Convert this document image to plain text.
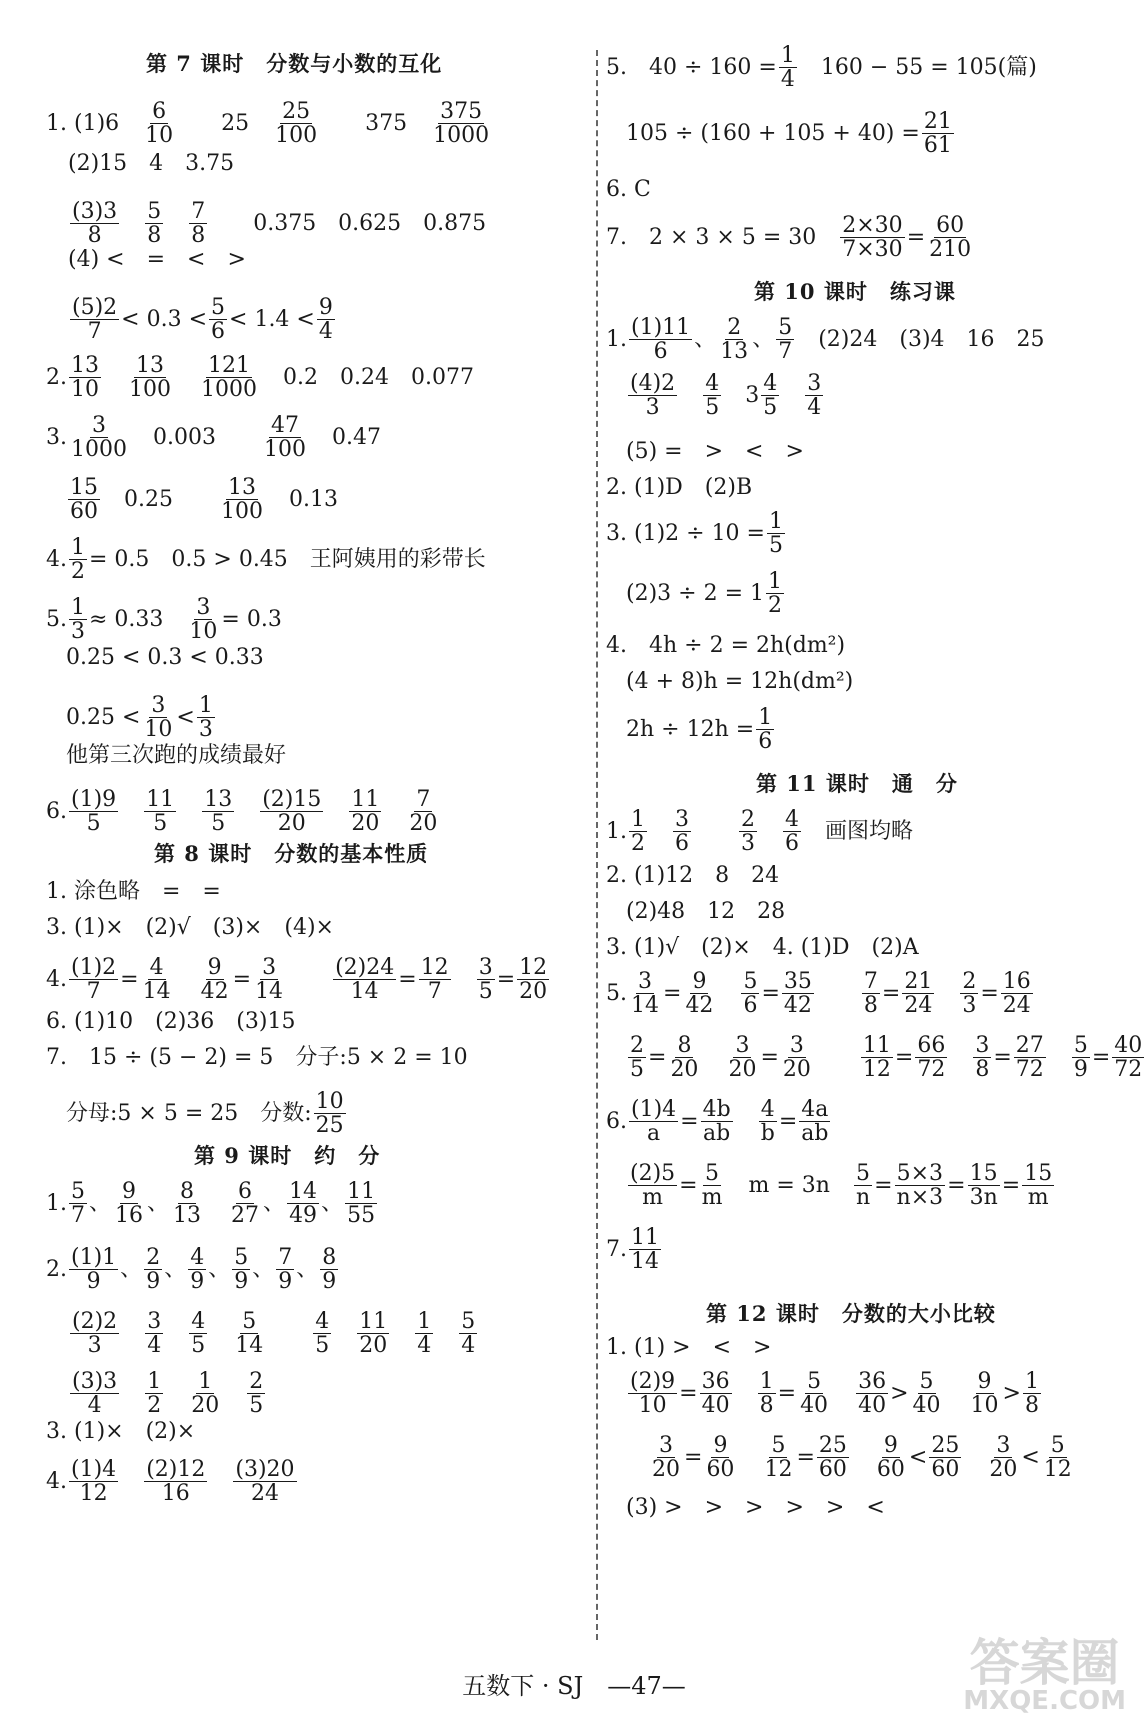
第 7 课时　分数与小数的互化
1. (1)6　 $\frac{6}{10}$ 　　25　 $\frac{25}{100}$ 　　375　 $\frac{375}{1000}$
(2)15　4　3.75
$\frac{(3)3}{8}$
　 $\frac{5}{8}$
　 $\frac{7}{8}$ 　　0.375　0.625　0.875
(4) <　=　<　>
$\frac{(5)2}{7} < 0.3 < \frac{5}{6} < 1.4 < \frac{9}{4}$
2. $\frac{13}{10}$
　 $\frac{13}{100}$
　 $\frac{121}{1000}$ 　0.2　0.24　0.077
3. $\frac{3}{1000}$ 　0.003　　 $\frac{47}{100}$ 　0.47
$\frac{15}{60}$ 　0.25　　 $\frac{13}{100}$ 　0.13
4. $\frac{1}{2} = 0.5$　0.5 > 0.45　王阿姨用的彩带长
5. $\frac{1}{3} \approx 0.33$　 $\frac{3}{10} = 0.3$
0.25 < 0.3 < 0.33
$0.25 < \frac{3}{10} < \frac{1}{3}$
他第三次跑的成绩最好
6. $\frac{(1)9}{5}$
　 $\frac{11}{5}$
　 $\frac{13}{5}$
　 $\frac{(2)15}{20}$
　 $\frac{11}{20}$
　 $\frac{7}{20}$
第 8 课时　分数的基本性质
1. 涂色略　=　=
3. (1)×　(2)√　(3)×　(4)×
4. $\frac{(1)2}{7} = \frac{4}{14}$
　 $\frac{9}{42} = \frac{3}{14}$
　　 $\frac{(2)24}{14} = \frac{12}{7}$
　 $\frac{3}{5} = \frac{12}{20}$
6. (1)10　(2)36　(3)15
7.　15 ÷ (5 − 2) = 5　分子:5 × 2 = 10
分母:5 × 5 = 25　分数: $\frac{10}{25}$
第 9 课时　约　分
1. $\frac{5}{7}$ 、 $\frac{9}{16}$ 、 $\frac{8}{13}$
　 $\frac{6}{27}$ 、 $\frac{14}{49}$ 、 $\frac{11}{55}$
2. $\frac{(1)1}{9}$ 、 $\frac{2}{9}$ 、 $\frac{4}{9}$ 、 $\frac{5}{9}$ 、 $\frac{7}{9}$ 、 $\frac{8}{9}$
$\frac{(2)2}{3}$
　 $\frac{3}{4}$
　 $\frac{4}{5}$
　 $\frac{5}{14}$
　　 $\frac{4}{5}$
　 $\frac{11}{20}$
　 $\frac{1}{4}$
　 $\frac{5}{4}$
$\frac{(3)3}{4}$
　 $\frac{1}{2}$
　 $\frac{1}{20}$
　 $\frac{2}{5}$
3. (1)×　(2)×
4. $\frac{(1)4}{12}$
　 $\frac{(2)12}{16}$
　 $\frac{(3)20}{24}$
5.　$40 \div 160 = \frac{1}{4}$ 　160 − 55 = 105(篇)
$105 \div (160 + 105 + 40) = \frac{21}{61}$
6. C
7.　2 × 3 × 5 = 30　 $\frac{2\times 30}{7\times 30} = \frac{60}{210}$
第 10 课时　练习课
1. $\frac{(1)11}{6}$ 、 $\frac{2}{13}$ 、 $\frac{5}{7}$ 　(2)24　(3)4　16　25
$\frac{(4)2}{3}$
　 $\frac{4}{5}$ 　$3 \frac{4}{5}$
　 $\frac{3}{4}$
(5) =　>　<　>
2. (1)D　(2)B
3. $(1)2 \div 10 = \frac{1}{5}$
$(2)3 \div 2 = 1 \frac{1}{2}$
4.　4h ÷ 2 = 2h(dm²)
(4 + 8)h = 12h(dm²)
$2h \div 12h = \frac{1}{6}$
第 11 课时　通　分
1. $\frac{1}{2}$
　 $\frac{3}{6}$
　　 $\frac{2}{3}$
　 $\frac{4}{6}$ 　画图均略
2. (1)12　8　24
(2)48　12　28
3. (1)√　(2)×　4. (1)D　(2)A
5. $\frac{3}{14} = \frac{9}{42}$
　 $\frac{5}{6} = \frac{35}{42}$
　　 $\frac{7}{8} = \frac{21}{24}$
　 $\frac{2}{3} = \frac{16}{24}$
$\frac{2}{5} = \frac{8}{20}$
　 $\frac{3}{20} = \frac{3}{20}$
　　 $\frac{11}{12} = \frac{66}{72}$
　 $\frac{3}{8} = \frac{27}{72}$
　 $\frac{5}{9} = \frac{40}{72}$
6. $\frac{(1)4}{a} = \frac{4b}{ab}$
　 $\frac{4}{b} = \frac{4a}{ab}$
$\frac{(2)5}{m} = \frac{5}{m}$ 　m = 3n　 $\frac{5}{n} = \frac{5\times 3}{n\times 3} = \frac{15}{3n} = \frac{15}{m}$
7. $\frac{11}{14}$
第 12 课时　分数的大小比较
1. (1) >　<　>
$\frac{(2)9}{10} = \frac{36}{40}$
　 $\frac{1}{8} = \frac{5}{40}$
　 $\frac{36}{40} > \frac{5}{40}$
　 $\frac{9}{10} > \frac{1}{8}$
$\frac{3}{20} = \frac{9}{60}$
　 $\frac{5}{12} = \frac{25}{60}$
　 $\frac{9}{60} < \frac{25}{60}$
　 $\frac{3}{20} < \frac{5}{12}$
(3) >　>　>　>　>　<
五数下 · SJ　—47—	答案圈
MXQE.COM
